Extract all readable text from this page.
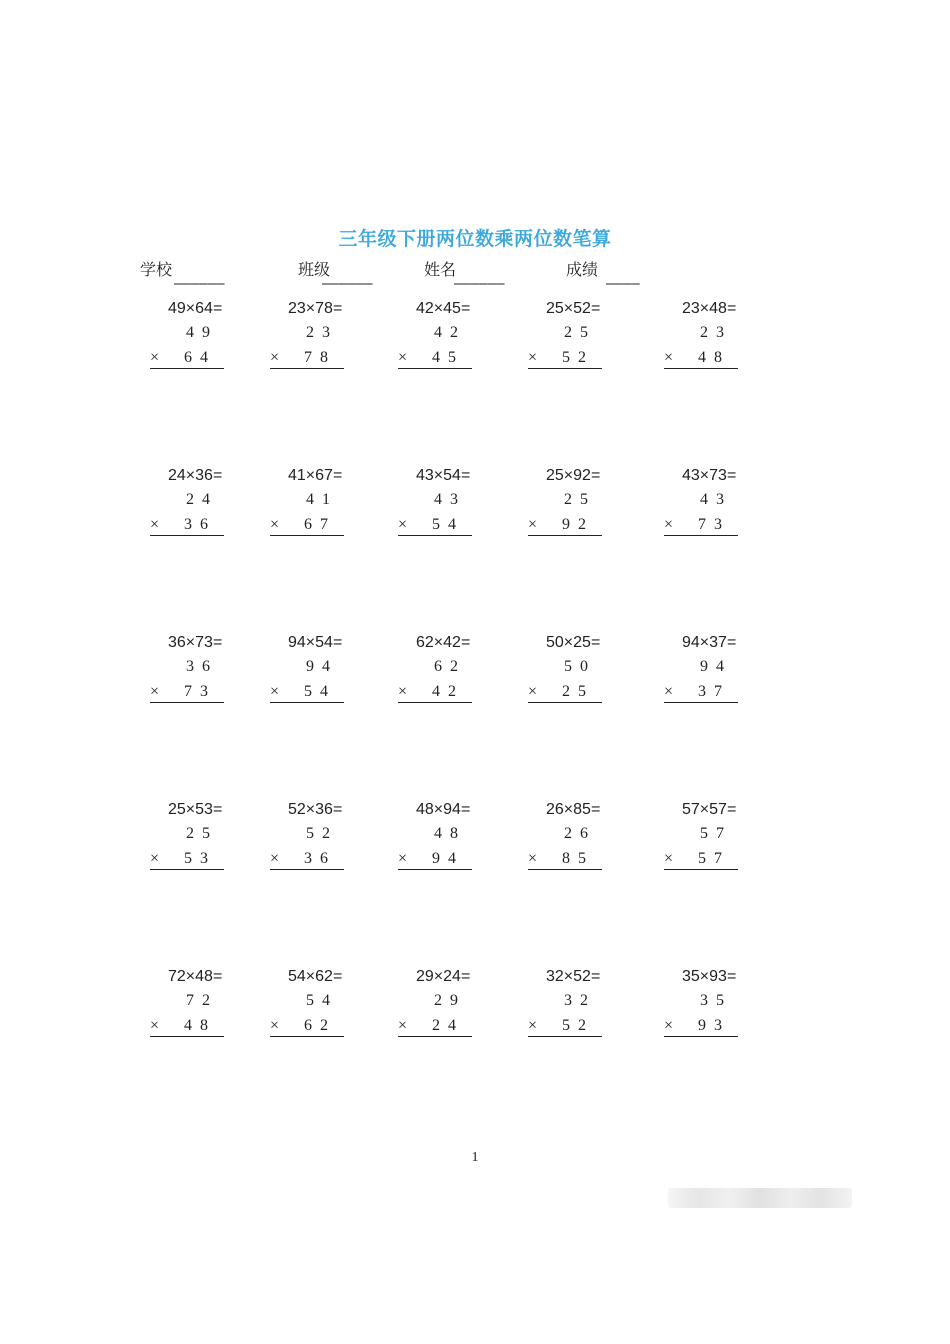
三年级下册两位数乘两位数笔算
学校	班级	姓名	成绩
——————	——————	——————	————
49×64=
4 9
× 6 4
23×78=
2 3
× 7 8
42×45=
4 2
× 4 5
25×52=
2 5
× 5 2
23×48=
2 3
× 4 8
24×36=
2 4
× 3 6
41×67=
4 1
× 6 7
43×54=
4 3
× 5 4
25×92=
2 5
× 9 2
43×73=
4 3
× 7 3
36×73=
3 6
× 7 3
94×54=
9 4
× 5 4
62×42=
6 2
× 4 2
50×25=
5 0
× 2 5
94×37=
9 4
× 3 7
25×53=
2 5
× 5 3
52×36=
5 2
× 3 6
48×94=
4 8
× 9 4
26×85=
2 6
× 8 5
57×57=
5 7
× 5 7
72×48=
7 2
× 4 8
54×62=
5 4
× 6 2
29×24=
2 9
× 2 4
32×52=
3 2
× 5 2
35×93=
3 5
× 9 3
1
